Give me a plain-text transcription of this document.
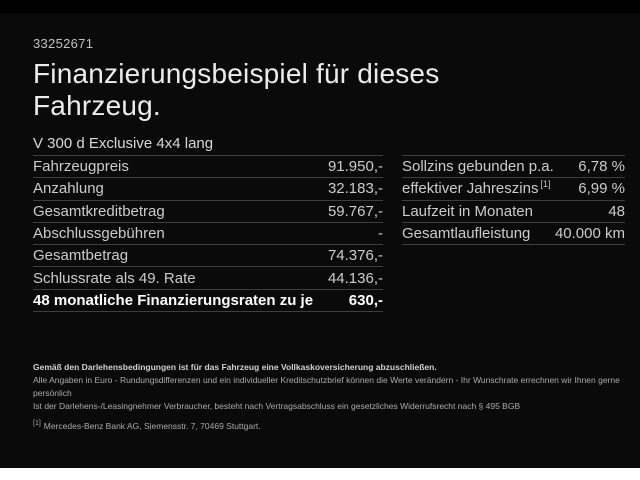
33252671
Finanzierungsbeispiel für dieses
Fahrzeug.
V 300 d Exclusive 4x4 lang
Fahrzeugpreis	91.950,-
Anzahlung	32.183,-
Gesamtkreditbetrag	59.767,-
Abschlussgebühren	-
Gesamtbetrag	74.376,-
Schlussrate als 49. Rate	44.136,-
48 monatliche Finanzierungsraten zu je 630,-
Sollzins gebunden p.a. 6,78 %
effektiver Jahreszins [1] 6,99 %
Laufzeit in Monaten	48
Gesamtlaufleistung 40.000 km
Gemäß den Darlehensbedingungen ist für das Fahrzeug eine Vollkaskoversicherung abzuschließen.
Alle Angaben in Euro - Rundungsdifferenzen und ein individueller Kreditschutzbrief können die Werte verändern - Ihr Wunschrate errechnen wir Ihnen gerne persönlich
Ist der Darlehens-/Leasingnehmer Verbraucher, besteht nach Vertragsabschluss ein gesetzliches Widerrufsrecht nach § 495 BGB
[1] Mercedes-Benz Bank AG, Siemensstr. 7, 70469 Stuttgart.
